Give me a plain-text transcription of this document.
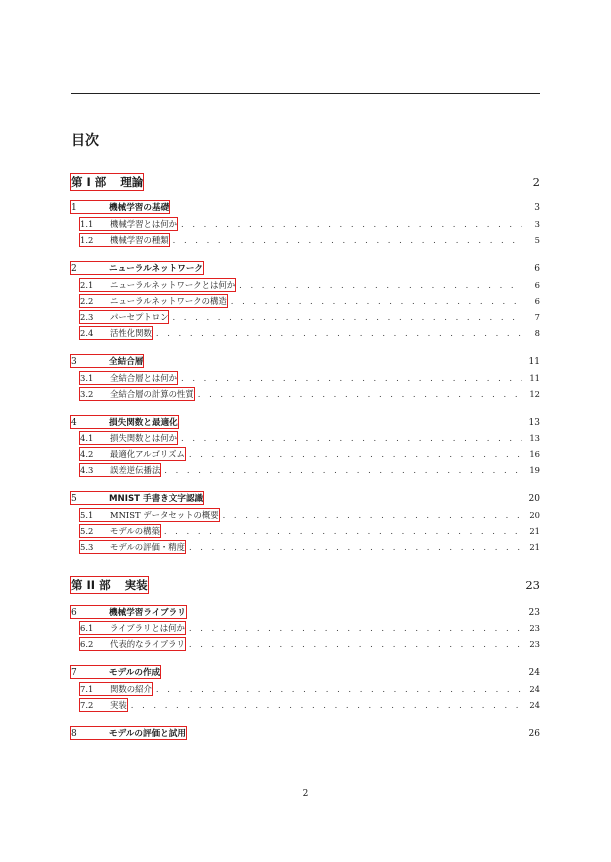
目次
第 I 部 理論	2
1	機械学習の基礎	3
1.1	機械学習とは何か . . .	3
1.2	機械学習の種類 . . .	5
2	ニューラルネットワーク	6
2.1	ニューラルネットワークとは何か . . .	6
2.2	ニューラルネットワークの構造 . . .	6
2.3	パーセプトロン . . .	7
2.4	活性化関数 . . .	8
3	全結合層	11
3.1	全結合層とは何か . . .	11
3.2	全結合層の計算の性質 . . .	12
4	損失関数と最適化	13
4.1	損失関数とは何か . . .	13
4.2	最適化アルゴリズム . . .	16
4.3	誤差逆伝播法 . . .	19
5	MNIST 手書き文字認識	20
5.1	MNIST データセットの概要 . . .	20
5.2	モデルの構築 . . .	21
5.3	モデルの評価・精度 . . .	21
第 II 部 実装	23
6	機械学習ライブラリ	23
6.1	ライブラリとは何か . . .	23
6.2	代表的なライブラリ . . .	23
7	モデルの作成	24
7.1	関数の紹介 . . .	24
7.2	実装 . . .	24
8	モデルの評価と試用	26
2
